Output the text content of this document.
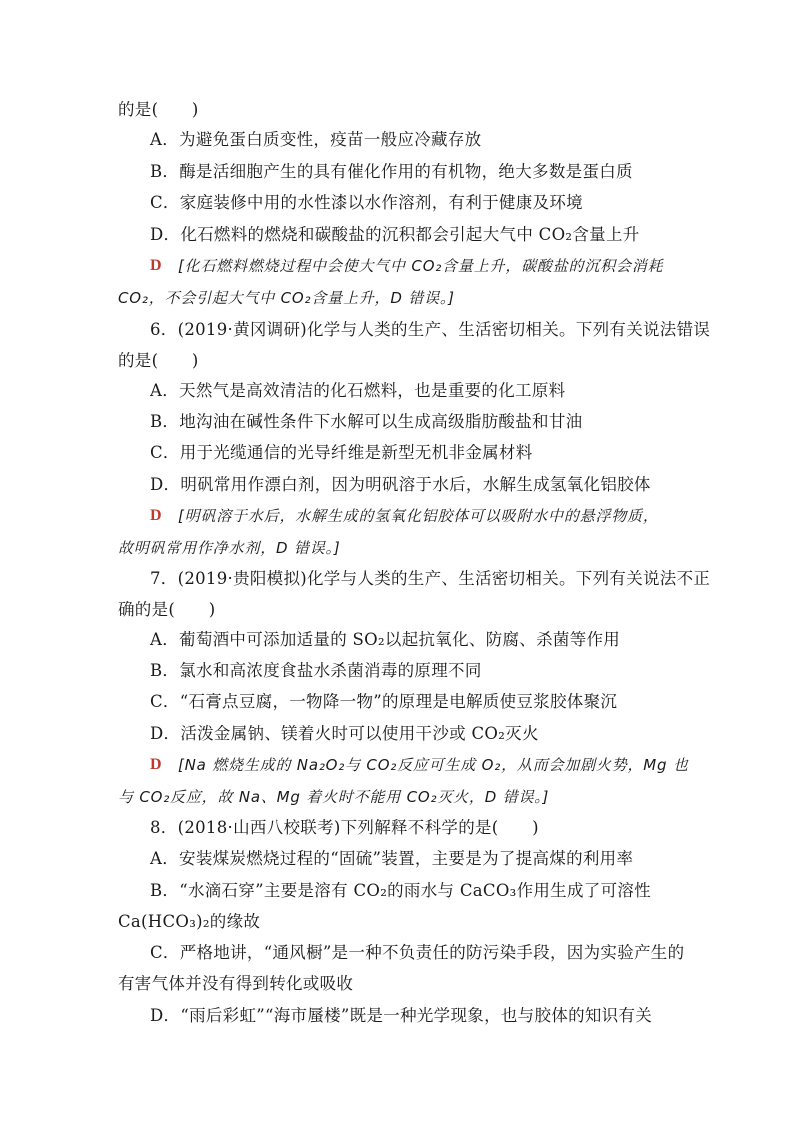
的是(　　)
A．为避免蛋白质变性，疫苗一般应冷藏存放
B．酶是活细胞产生的具有催化作用的有机物，绝大多数是蛋白质
C．家庭装修中用的水性漆以水作溶剂，有利于健康及环境
D．化石燃料的燃烧和碳酸盐的沉积都会引起大气中 CO₂含量上升
D [化石燃料燃烧过程中会使大气中 CO₂含量上升，碳酸盐的沉积会消耗
CO₂，不会引起大气中 CO₂含量上升，D 错误。]
6．(2019·黄冈调研)化学与人类的生产、生活密切相关。下列有关说法错误
的是(　　)
A．天然气是高效清洁的化石燃料，也是重要的化工原料
B．地沟油在碱性条件下水解可以生成高级脂肪酸盐和甘油
C．用于光缆通信的光导纤维是新型无机非金属材料
D．明矾常用作漂白剂，因为明矾溶于水后，水解生成氢氧化铝胶体
D [明矾溶于水后，水解生成的氢氧化铝胶体可以吸附水中的悬浮物质，
故明矾常用作净水剂，D 错误。]
7．(2019·贵阳模拟)化学与人类的生产、生活密切相关。下列有关说法不正
确的是(　　)
A．葡萄酒中可添加适量的 SO₂以起抗氧化、防腐、杀菌等作用
B．氯水和高浓度食盐水杀菌消毒的原理不同
C．“石膏点豆腐，一物降一物”的原理是电解质使豆浆胶体聚沉
D．活泼金属钠、镁着火时可以使用干沙或 CO₂灭火
D [Na 燃烧生成的 Na₂O₂与 CO₂反应可生成 O₂，从而会加剧火势，Mg 也
与 CO₂反应，故 Na、Mg 着火时不能用 CO₂灭火，D 错误。]
8．(2018·山西八校联考)下列解释不科学的是(　　)
A．安装煤炭燃烧过程的“固硫”装置，主要是为了提高煤的利用率
B．“水滴石穿”主要是溶有 CO₂的雨水与 CaCO₃作用生成了可溶性
Ca(HCO₃)₂的缘故
C．严格地讲，“通风橱”是一种不负责任的防污染手段，因为实验产生的
有害气体并没有得到转化或吸收
D．“雨后彩虹”“海市蜃楼”既是一种光学现象，也与胶体的知识有关
